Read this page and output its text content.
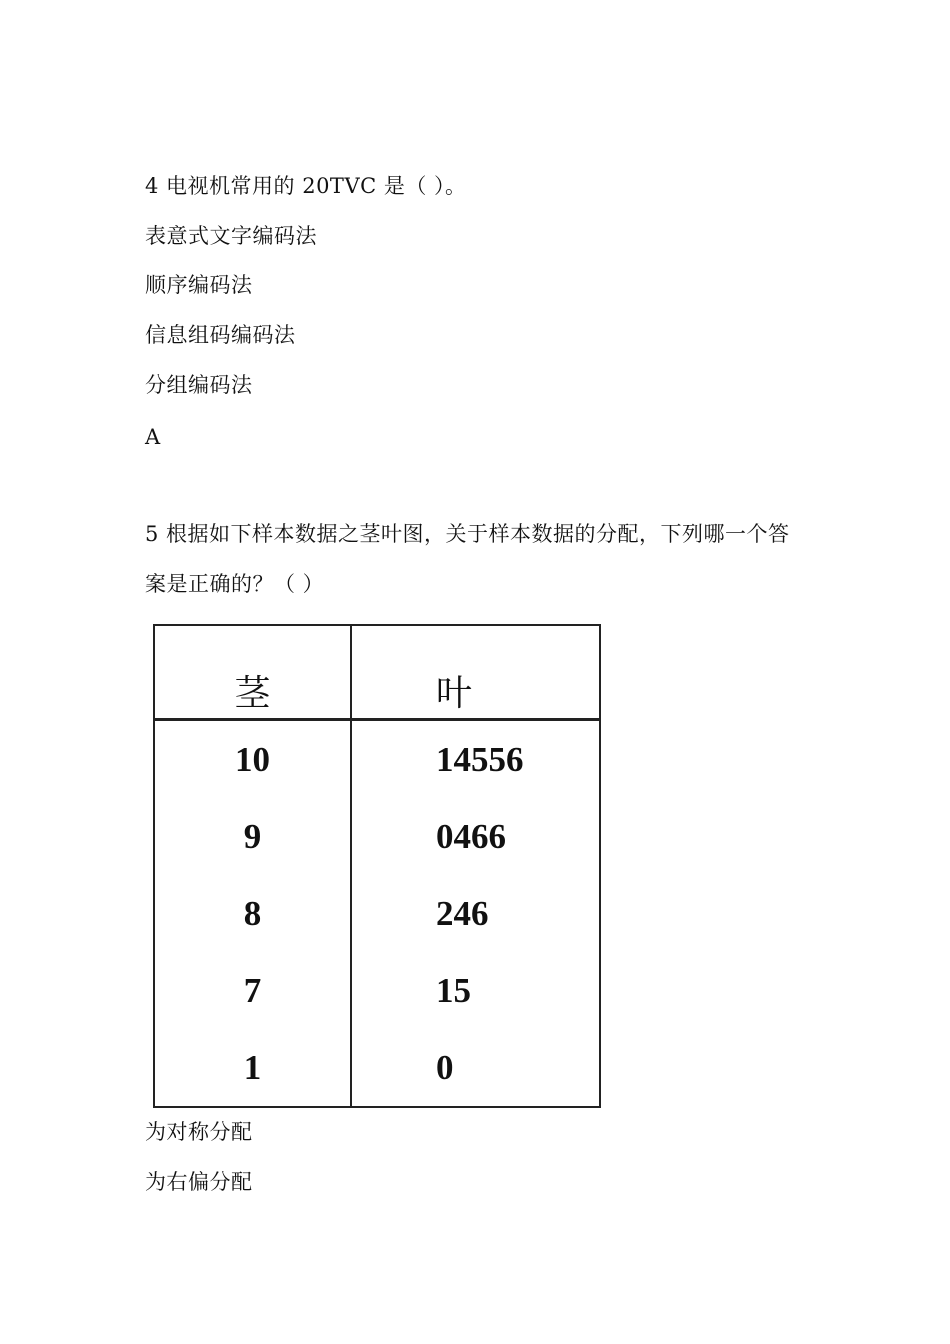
4 电视机常用的 20TVC 是（ ）。
表意式文字编码法
顺序编码法
信息组码编码法
分组编码法
A
5 根据如下样本数据之茎叶图，关于样本数据的分配，下列哪一个答
案是正确的？（ ）
茎	叶
10	14556
9	0466
8	246
7	15
1	0
为对称分配
为右偏分配
